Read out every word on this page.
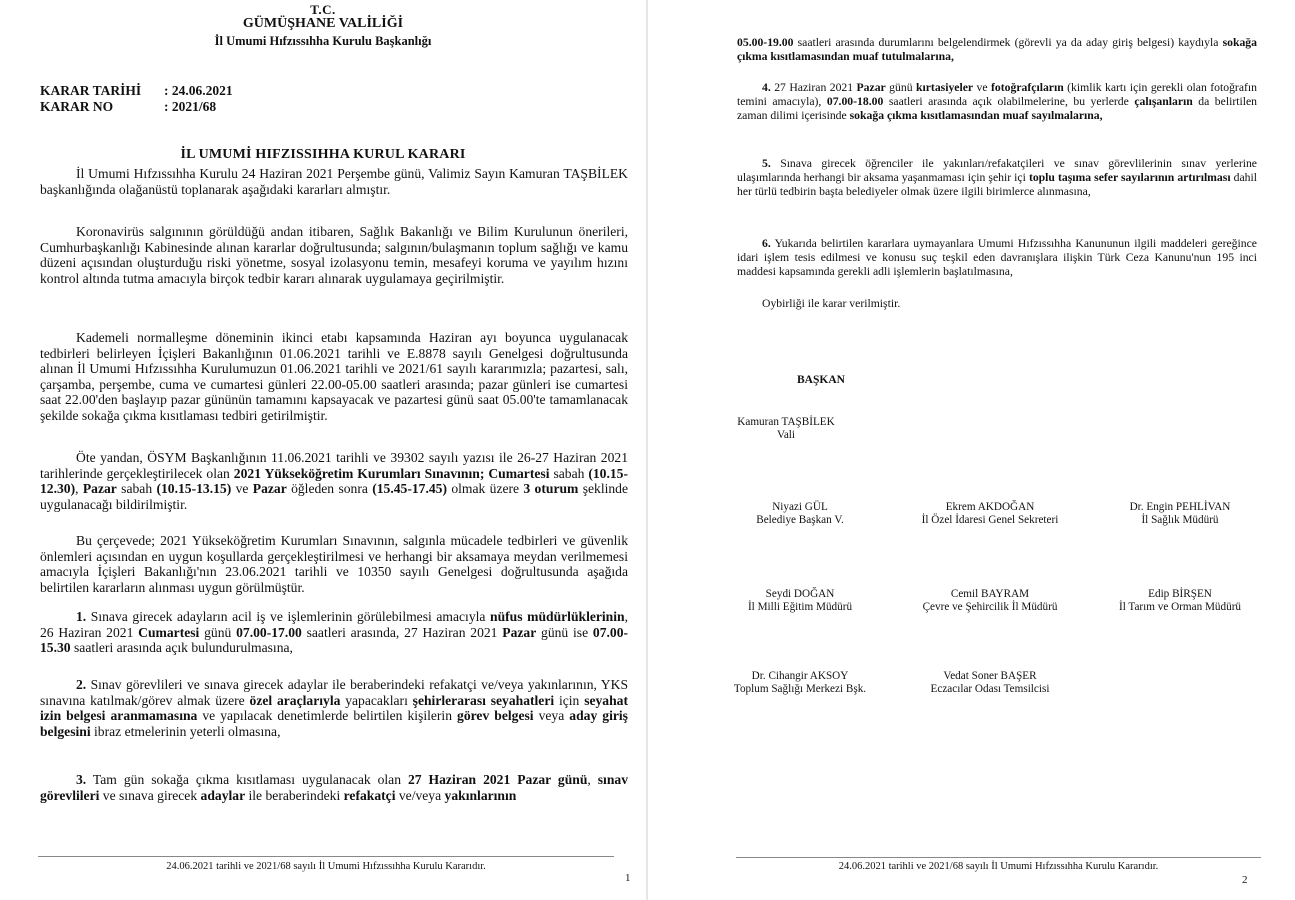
T.C.
GÜMÜŞHANE VALİLİĞİ
İl Umumi Hıfzıssıhha Kurulu Başkanlığı
KARAR TARİHİ : 24.06.2021
KARAR NO	: 2021/68
İL UMUMİ HIFZISSIHHA KURUL KARARI

İl Umumi Hıfzıssıhha Kurulu 24 Haziran 2021 Perşembe günü, Valimiz Sayın Kamuran TAŞBİLEK başkanlığında olağanüstü toplanarak aşağıdaki kararları almıştır.

Koronavirüs salgınının görüldüğü andan itibaren, Sağlık Bakanlığı ve Bilim Kurulunun önerileri, Cumhurbaşkanlığı Kabinesinde alınan kararlar doğrultusunda; salgının/bulaşmanın toplum sağlığı ve kamu düzeni açısından oluşturduğu riski yönetme, sosyal izolasyonu temin, mesafeyi koruma ve yayılım hızını kontrol altında tutma amacıyla birçok tedbir kararı alınarak uygulamaya geçirilmiştir.

Kademeli normalleşme döneminin ikinci etabı kapsamında Haziran ayı boyunca uygulanacak tedbirleri belirleyen İçişleri Bakanlığının 01.06.2021 tarihli ve E.8878 sayılı Genelgesi doğrultusunda alınan İl Umumi Hıfzıssıhha Kurulumuzun 01.06.2021 tarihli ve 2021/61 sayılı kararımızla; pazartesi, salı, çarşamba, perşembe, cuma ve cumartesi günleri 22.00-05.00 saatleri arasında; pazar günleri ise cumartesi saat 22.00'den başlayıp pazar gününün tamamını kapsayacak ve pazartesi günü saat 05.00'te tamamlanacak şekilde sokağa çıkma kısıtlaması tedbiri getirilmiştir.

Öte yandan, ÖSYM Başkanlığının 11.06.2021 tarihli ve 39302 sayılı yazısı ile 26-27 Haziran 2021 tarihlerinde gerçekleştirilecek olan 2021 Yükseköğretim Kurumları Sınavının; Cumartesi sabah (10.15-12.30), Pazar sabah (10.15-13.15) ve Pazar öğleden sonra (15.45-17.45) olmak üzere 3 oturum şeklinde uygulanacağı bildirilmiştir.

Bu çerçevede; 2021 Yükseköğretim Kurumları Sınavının, salgınla mücadele tedbirleri ve güvenlik önlemleri açısından en uygun koşullarda gerçekleştirilmesi ve herhangi bir aksamaya meydan verilmemesi amacıyla İçişleri Bakanlığı'nın 23.06.2021 tarihli ve 10350 sayılı Genelgesi doğrultusunda aşağıda belirtilen kararların alınması uygun görülmüştür.

1. Sınava girecek adayların acil iş ve işlemlerinin görülebilmesi amacıyla nüfus müdürlüklerinin, 26 Haziran 2021 Cumartesi günü 07.00-17.00 saatleri arasında, 27 Haziran 2021 Pazar günü ise 07.00-15.30 saatleri arasında açık bulundurulmasına,

2. Sınav görevlileri ve sınava girecek adaylar ile beraberindeki refakatçi ve/veya yakınlarının, YKS sınavına katılmak/görev almak üzere özel araçlarıyla yapacakları şehirlerarası seyahatleri için seyahat izin belgesi aranmamasına ve yapılacak denetimlerde belirtilen kişilerin görev belgesi veya aday giriş belgesini ibraz etmelerinin yeterli olmasına,

3. Tam gün sokağa çıkma kısıtlaması uygulanacak olan 27 Haziran 2021 Pazar günü, sınav görevlileri ve sınava girecek adaylar ile beraberindeki refakatçi ve/veya yakınlarının

24.06.2021 tarihli ve 2021/68 sayılı İl Umumi Hıfzıssıhha Kurulu Kararıdır.
1

05.00-19.00 saatleri arasında durumlarını belgelendirmek (görevli ya da aday giriş belgesi) kaydıyla sokağa çıkma kısıtlamasından muaf tutulmalarına,

4. 27 Haziran 2021 Pazar günü kırtasiyeler ve fotoğrafçıların (kimlik kartı için gerekli olan fotoğrafın temini amacıyla), 07.00-18.00 saatleri arasında açık olabilmelerine, bu yerlerde çalışanların da belirtilen zaman dilimi içerisinde sokağa çıkma kısıtlamasından muaf sayılmalarına,

5. Sınava girecek öğrenciler ile yakınları/refakatçileri ve sınav görevlilerinin sınav yerlerine ulaşımlarında herhangi bir aksama yaşanmaması için şehir içi toplu taşıma sefer sayılarının artırılması dahil her türlü tedbirin başta belediyeler olmak üzere ilgili birimlerce alınmasına,

6. Yukarıda belirtilen kararlara uymayanlara Umumi Hıfzıssıhha Kanununun ilgili maddeleri gereğince idari işlem tesis edilmesi ve konusu suç teşkil eden davranışlara ilişkin Türk Ceza Kanunu'nun 195 inci maddesi kapsamında gerekli adli işlemlerin başlatılmasına,

Oybirliği ile karar verilmiştir.

BAŞKAN
Kamuran TAŞBİLEK
Vali
Niyazi GÜL
Belediye Başkan V.
Ekrem AKDOĞAN
İl Özel İdaresi Genel Sekreteri
Dr. Engin PEHLİVAN
İl Sağlık Müdürü
Seydi DOĞAN
İl Milli Eğitim Müdürü
Cemil BAYRAM
Çevre ve Şehircilik İl Müdürü
Edip BİRŞEN
İl Tarım ve Orman Müdürü
Dr. Cihangir AKSOY
Toplum Sağlığı Merkezi Bşk.
Vedat Soner BAŞER
Eczacılar Odası Temsilcisi
24.06.2021 tarihli ve 2021/68 sayılı İl Umumi Hıfzıssıhha Kurulu Kararıdır.
2
